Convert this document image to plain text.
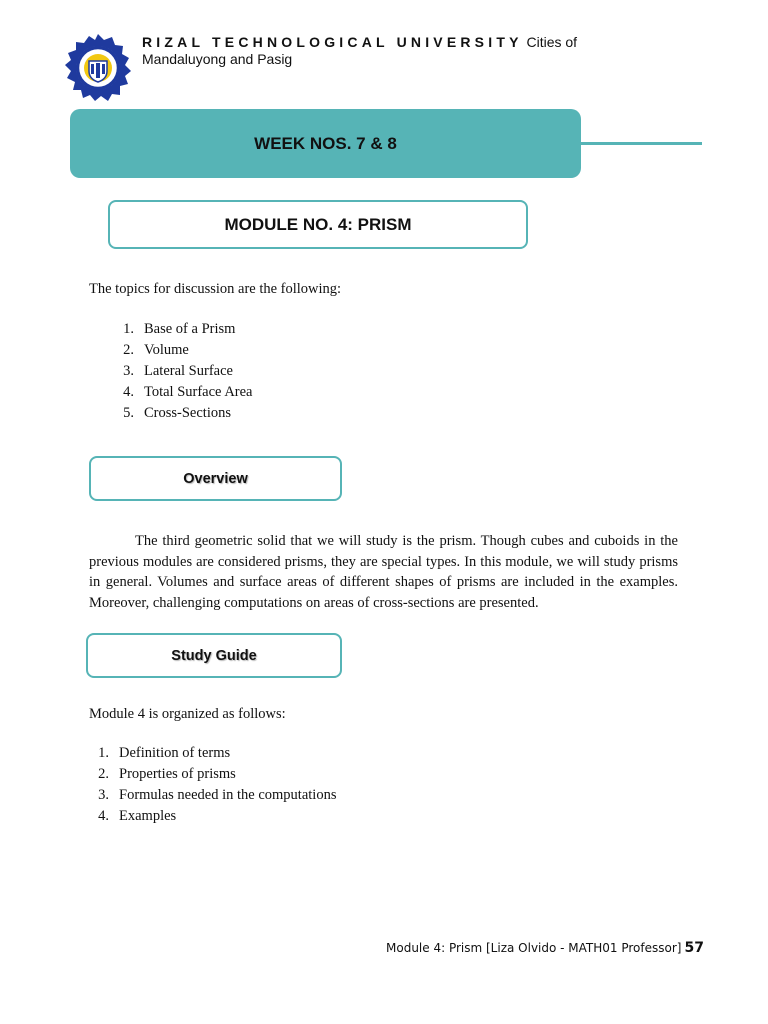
RIZAL TECHNOLOGICAL UNIVERSITY Cities of
Mandaluyong and Pasig
WEEK NOS. 7 & 8
MODULE NO. 4: PRISM
The topics for discussion are the following:
1. Base of a Prism
2. Volume
3. Lateral Surface
4. Total Surface Area
5. Cross-Sections
Overview
The third geometric solid that we will study is the prism. Though cubes and cuboids in the previous modules are considered prisms, they are special types. In this module, we will study prisms in general. Volumes and surface areas of different shapes of prisms are included in the examples. Moreover, challenging computations on areas of cross-sections are presented.
Study Guide
Module 4 is organized as follows:
1. Definition of terms
2. Properties of prisms
3. Formulas needed in the computations
4. Examples
Module 4: Prism [Liza Olvido - MATH01 Professor] 57
